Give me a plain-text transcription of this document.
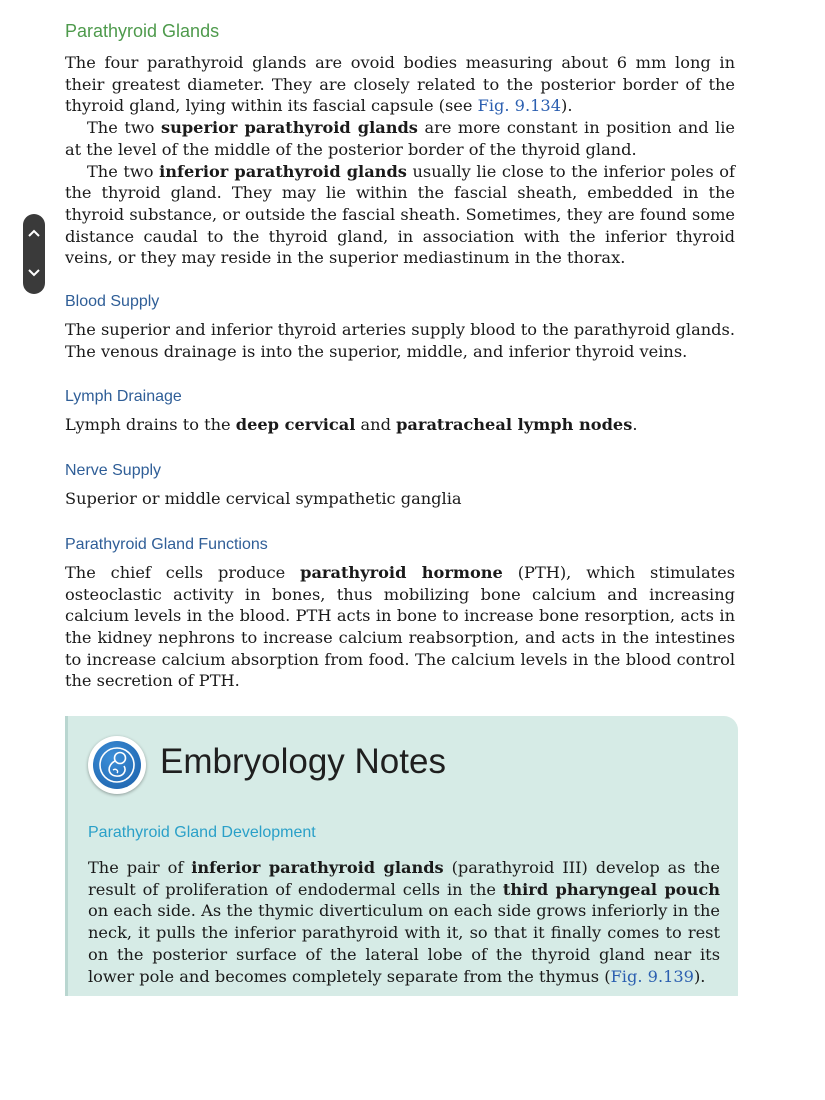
Parathyroid Glands

The four parathyroid glands are ovoid bodies measuring about 6 mm long in their greatest diameter. They are closely related to the posterior border of the thyroid gland, lying within its fascial capsule (see Fig. 9.134).

The two superior parathyroid glands are more constant in position and lie at the level of the middle of the posterior border of the thyroid gland.

The two inferior parathyroid glands usually lie close to the inferior poles of the thyroid gland. They may lie within the fascial sheath, embedded in the thyroid substance, or outside the fascial sheath. Sometimes, they are found some distance caudal to the thyroid gland, in association with the inferior thyroid veins, or they may reside in the superior mediastinum in the thorax.

Blood Supply

The superior and inferior thyroid arteries supply blood to the parathyroid glands. The venous drainage is into the superior, middle, and inferior thyroid veins.

Lymph Drainage

Lymph drains to the deep cervical and paratracheal lymph nodes.

Nerve Supply

Superior or middle cervical sympathetic ganglia

Parathyroid Gland Functions

The chief cells produce parathyroid hormone (PTH), which stimulates osteoclastic activity in bones, thus mobilizing bone calcium and increasing calcium levels in the blood. PTH acts in bone to increase bone resorption, acts in the kidney nephrons to increase calcium reabsorption, and acts in the intestines to increase calcium absorption from food. The calcium levels in the blood control the secretion of PTH.

Embryology Notes
Parathyroid Gland Development

The pair of inferior parathyroid glands (parathyroid III) develop as the result of proliferation of endodermal cells in the third pharyngeal pouch on each side. As the thymic diverticulum on each side grows inferiorly in the neck, it pulls the inferior parathyroid with it, so that it finally comes to rest on the posterior surface of the lateral lobe of the thyroid gland near its lower pole and becomes completely separate from the thymus (Fig. 9.139).
